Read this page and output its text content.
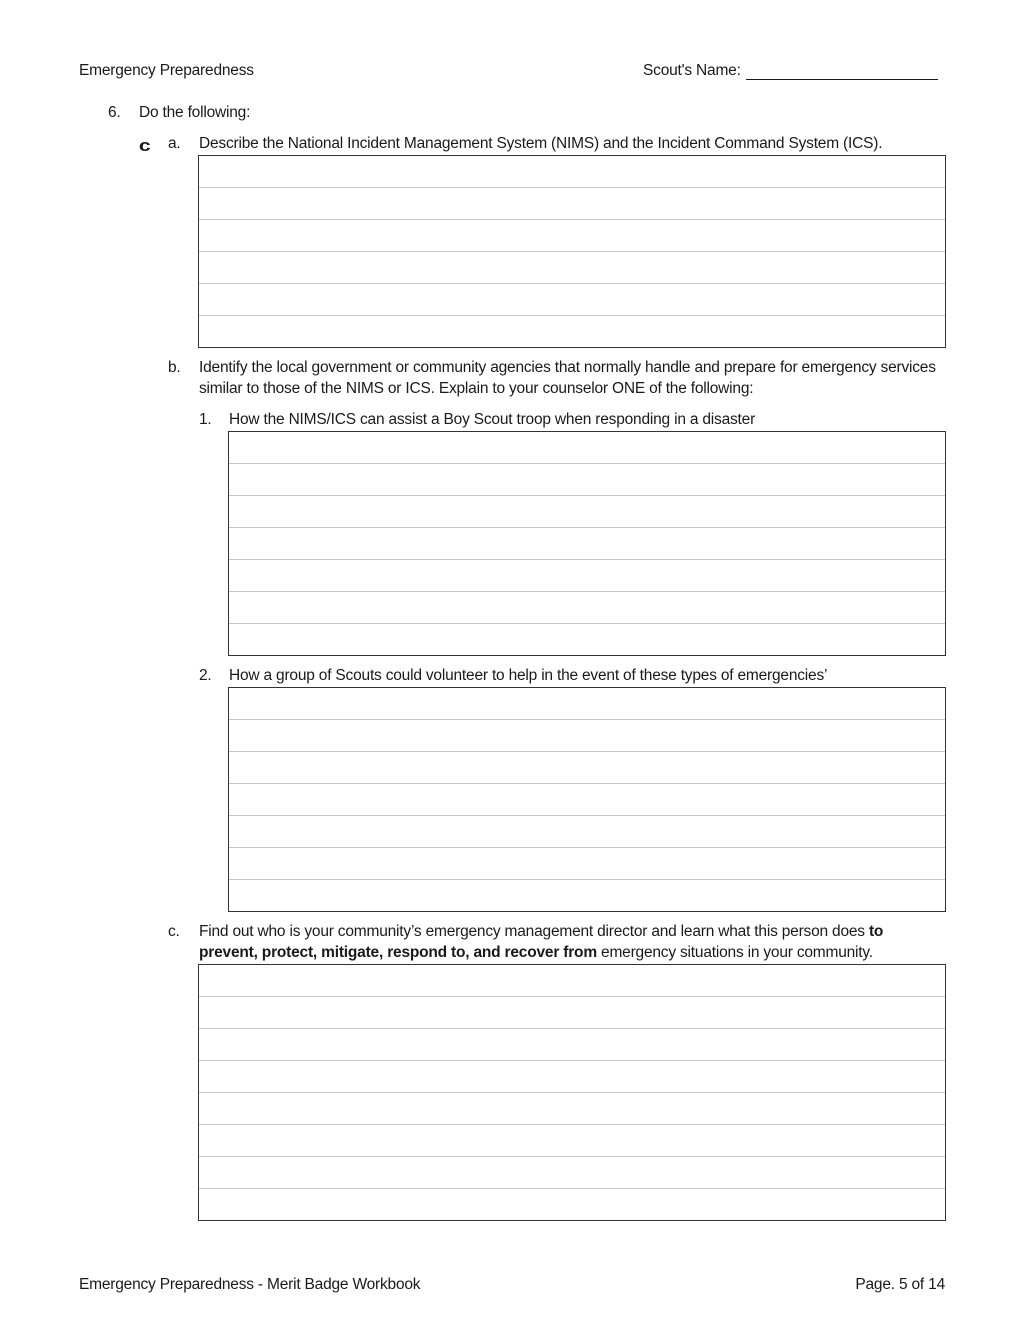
Emergency Preparedness	Scout's Name:
6. Do the following:
c a. Describe the National Incident Management System (NIMS) and the Incident Command System (ICS).
b. Identify the local government or community agencies that normally handle and prepare for emergency services
similar to those of the NIMS or ICS. Explain to your counselor ONE of the following:
1. How the NIMS/ICS can assist a Boy Scout troop when responding in a disaster
2. How a group of Scouts could volunteer to help in the event of these types of emergencies’
c. Find out who is your community’s emergency management director and learn what this person does to
prevent, protect, mitigate, respond to, and recover from emergency situations in your community.
Emergency Preparedness - Merit Badge Workbook	Page. 5 of 14
